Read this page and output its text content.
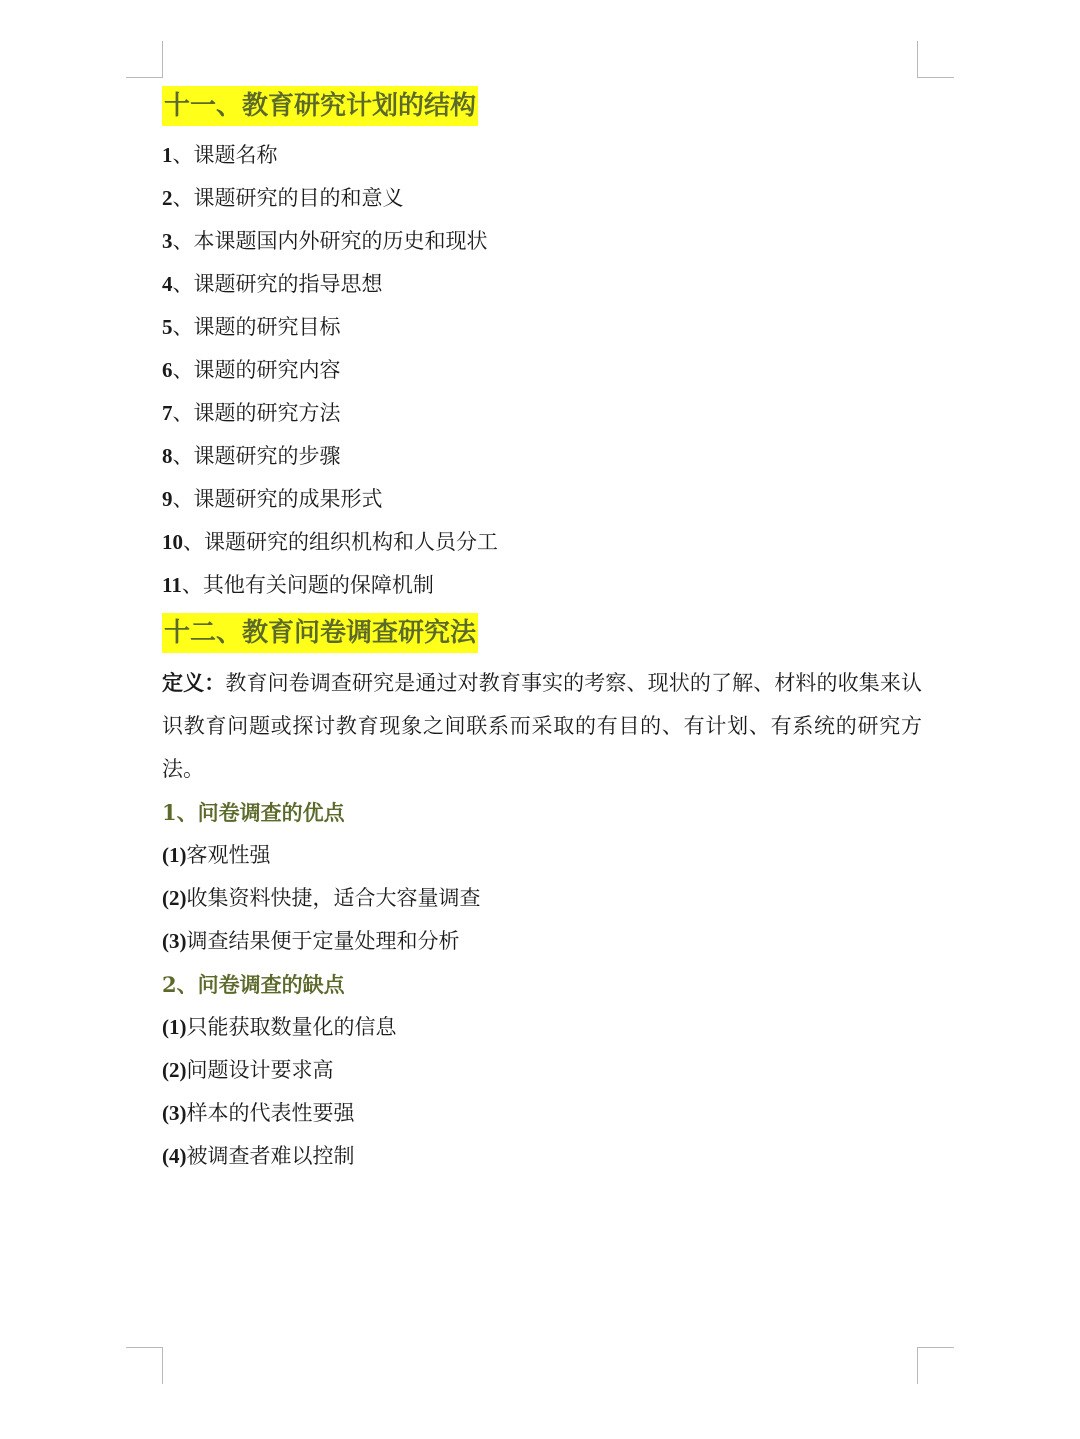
十一、教育研究计划的结构
1、课题名称
2、课题研究的目的和意义
3、本课题国内外研究的历史和现状
4、课题研究的指导思想
5、课题的研究目标
6、课题的研究内容
7、课题的研究方法
8、课题研究的步骤
9、课题研究的成果形式
10、课题研究的组织机构和人员分工
11、其他有关问题的保障机制
十二、教育问卷调查研究法
定义：教育问卷调查研究是通过对教育事实的考察、现状的了解、材料的收集来认识教育问题或探讨教育现象之间联系而采取的有目的、有计划、有系统的研究方法。
1、问卷调查的优点
(1)客观性强
(2)收集资料快捷，适合大容量调查
(3)调查结果便于定量处理和分析
2、问卷调查的缺点
(1)只能获取数量化的信息
(2)问题设计要求高
(3)样本的代表性要强
(4)被调查者难以控制
